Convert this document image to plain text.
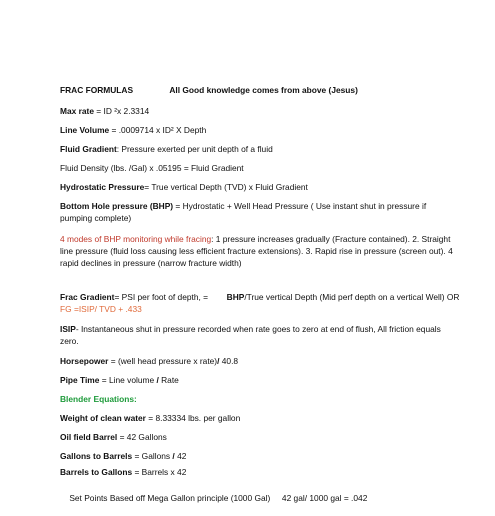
FRAC FORMULAS	All Good knowledge comes from above (Jesus)
Max rate = ID ²x 2.3314
Line Volume = .0009714 x ID² X Depth
Fluid Gradient: Pressure exerted per unit depth of a fluid
Fluid Density (lbs. /Gal) x .05195 = Fluid Gradient
Hydrostatic Pressure= True vertical Depth (TVD) x Fluid Gradient
Bottom Hole pressure (BHP) = Hydrostatic + Well Head Pressure ( Use instant shut in pressure if pumping complete)
4 modes of BHP monitoring while fracing: 1 pressure increases gradually (Fracture contained). 2. Straight line pressure (fluid loss causing less efficient fracture extensions). 3. Rapid rise in pressure (screen out). 4 rapid declines in pressure (narrow fracture width)
Frac Gradient= PSI per foot of depth, =        BHP/True vertical Depth (Mid perf depth on a vertical Well) OR FG =ISIP/ TVD + .433
ISIP- Instantaneous shut in pressure recorded when rate goes to zero at end of flush, All friction equals zero.
Horsepower = (well head pressure x rate)/ 40.8
Pipe Time = Line volume / Rate
Blender Equations:
Weight of clean water = 8.33334 lbs. per gallon
Oil field Barrel = 42 Gallons
Gallons to Barrels = Gallons / 42
Barrels to Gallons = Barrels x 42

Set Points Based off Mega Gallon principle (1000 Gal)     42 gal/ 1000 gal = .042
